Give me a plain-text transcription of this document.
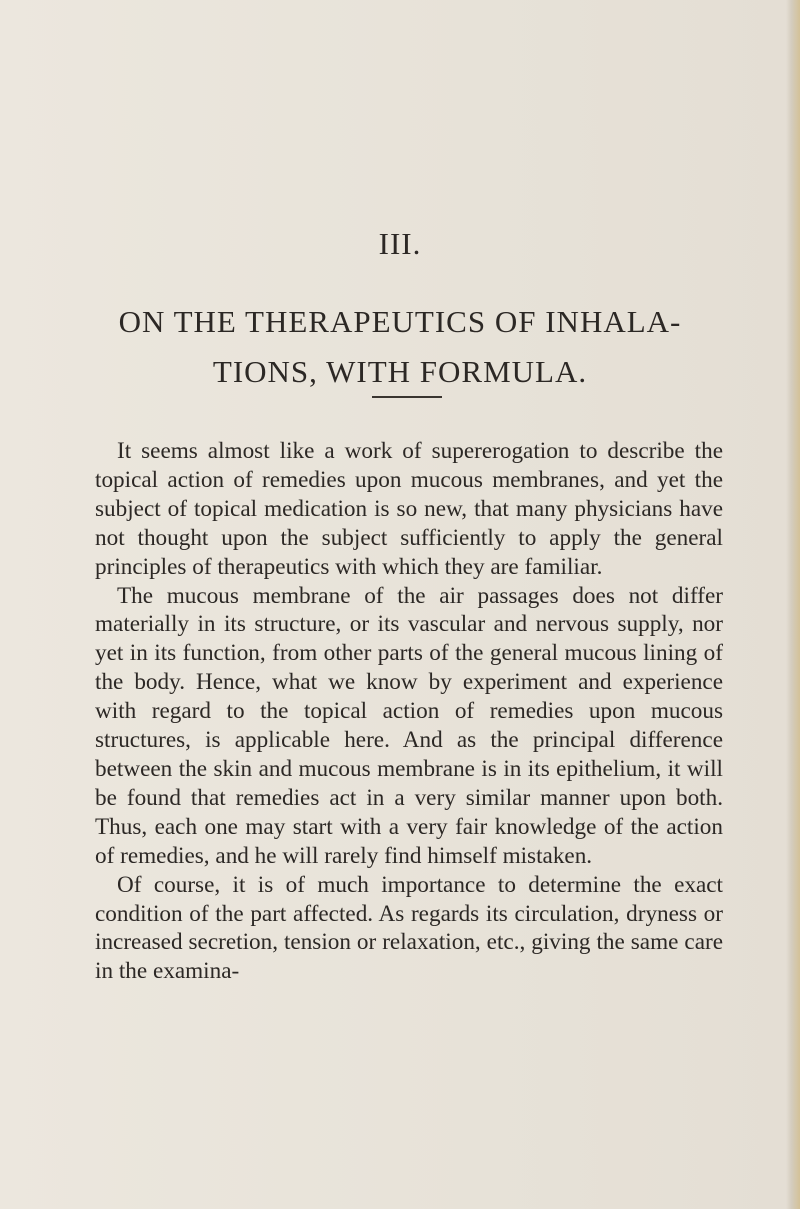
III.
ON THE THERAPEUTICS OF INHALA-
TIONS, WITH FORMULA.

It seems almost like a work of supererogation to describe the topical action of remedies upon mucous membranes, and yet the subject of topical medication is so new, that many physicians have not thought upon the subject sufficiently to apply the general principles of therapeutics with which they are familiar.

The mucous membrane of the air passages does not differ materially in its structure, or its vascular and nervous supply, nor yet in its function, from other parts of the general mucous lining of the body. Hence, what we know by experiment and experience with regard to the topical action of remedies upon mucous structures, is applicable here. And as the principal difference between the skin and mucous membrane is in its epithelium, it will be found that remedies act in a very similar manner upon both. Thus, each one may start with a very fair knowledge of the action of remedies, and he will rarely find himself mistaken.

Of course, it is of much importance to determine the exact condition of the part affected. As regards its circulation, dryness or increased secretion, tension or relaxation, etc., giving the same care in the examina-
